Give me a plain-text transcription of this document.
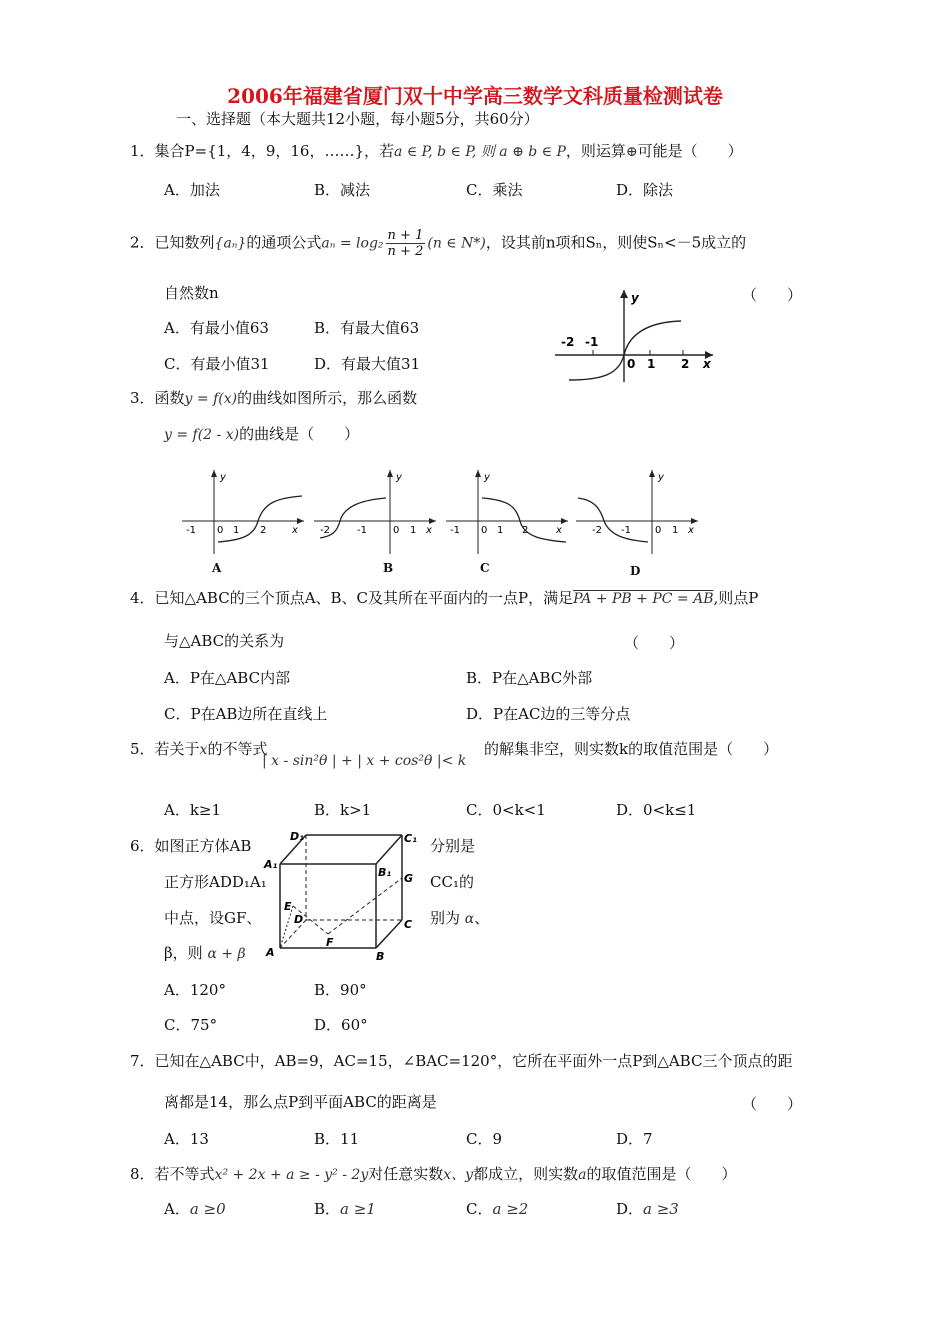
2006年福建省厦门双十中学高三数学文科质量检测试卷
一、选择题（本大题共12小题，每小题5分，共60分）
1．集合P={1，4，9，16，……}，若a ∈ P, b ∈ P, 则 a ⊕ b ∈ P，则运算⊕可能是（　　）
A．加法	B．减法	C．乘法	D．除法
2．已知数列{aₙ}的通项公式$a_n = \log_2 \frac{n + 1}{n + 2} (n$ ∈ N*)，设其前n项和Sₙ，则使Sₙ<－5成立的
自然数n	（　　）
A．有最小值63	B．有最大值63
C．有最小值31	D．有最大值31
-2 -1
0 1 2 x
y
3．函数y = f(x)的曲线如图所示，那么函数
y = f(2 - x)的曲线是（　　）
-1 0 1 2	x
y
-2	-1	0 1 x
y
-1 0 1 2	x
y
-2 -1 0 1 x
y
A	B	C	D
4．已知△ABC的三个顶点A、B、C及其所在平面内的一点P，满足PA + PB + PC = AB,则点P
与△ABC的关系为	（　　）
A．P在△ABC内部	B．P在△ABC外部
C．P在AB边所在直线上	D．P在AC边的三等分点
5．若关于x的不等式
| x - sin²θ | + | x + cos²θ |< k
的解集非空，则实数k的取值范围是（　　）
A．k≥1	B．k>1	C．0<k<1	D．0<k≤1
6．如图正方体AB	分别是
正方形ADD₁A₁	CC₁的
中点，设GF、	别为 α、
β，则 α + β
D₁	C₁
A₁
B₁ G
E
D	C
F
A	B
A．120°	B．90°
C．75°	D．60°
7．已知在△ABC中，AB=9，AC=15，∠BAC=120°，它所在平面外一点P到△ABC三个顶点的距
离都是14，那么点P到平面ABC的距离是	（　　）
A．13	B．11	C．9	D．7
8．若不等式x² + 2x + a ≥ - y² - 2y对任意实数x、y都成立，则实数a的取值范围是（　　）
A．a ≥0	B．a ≥1	C．a ≥2	D．a ≥3
